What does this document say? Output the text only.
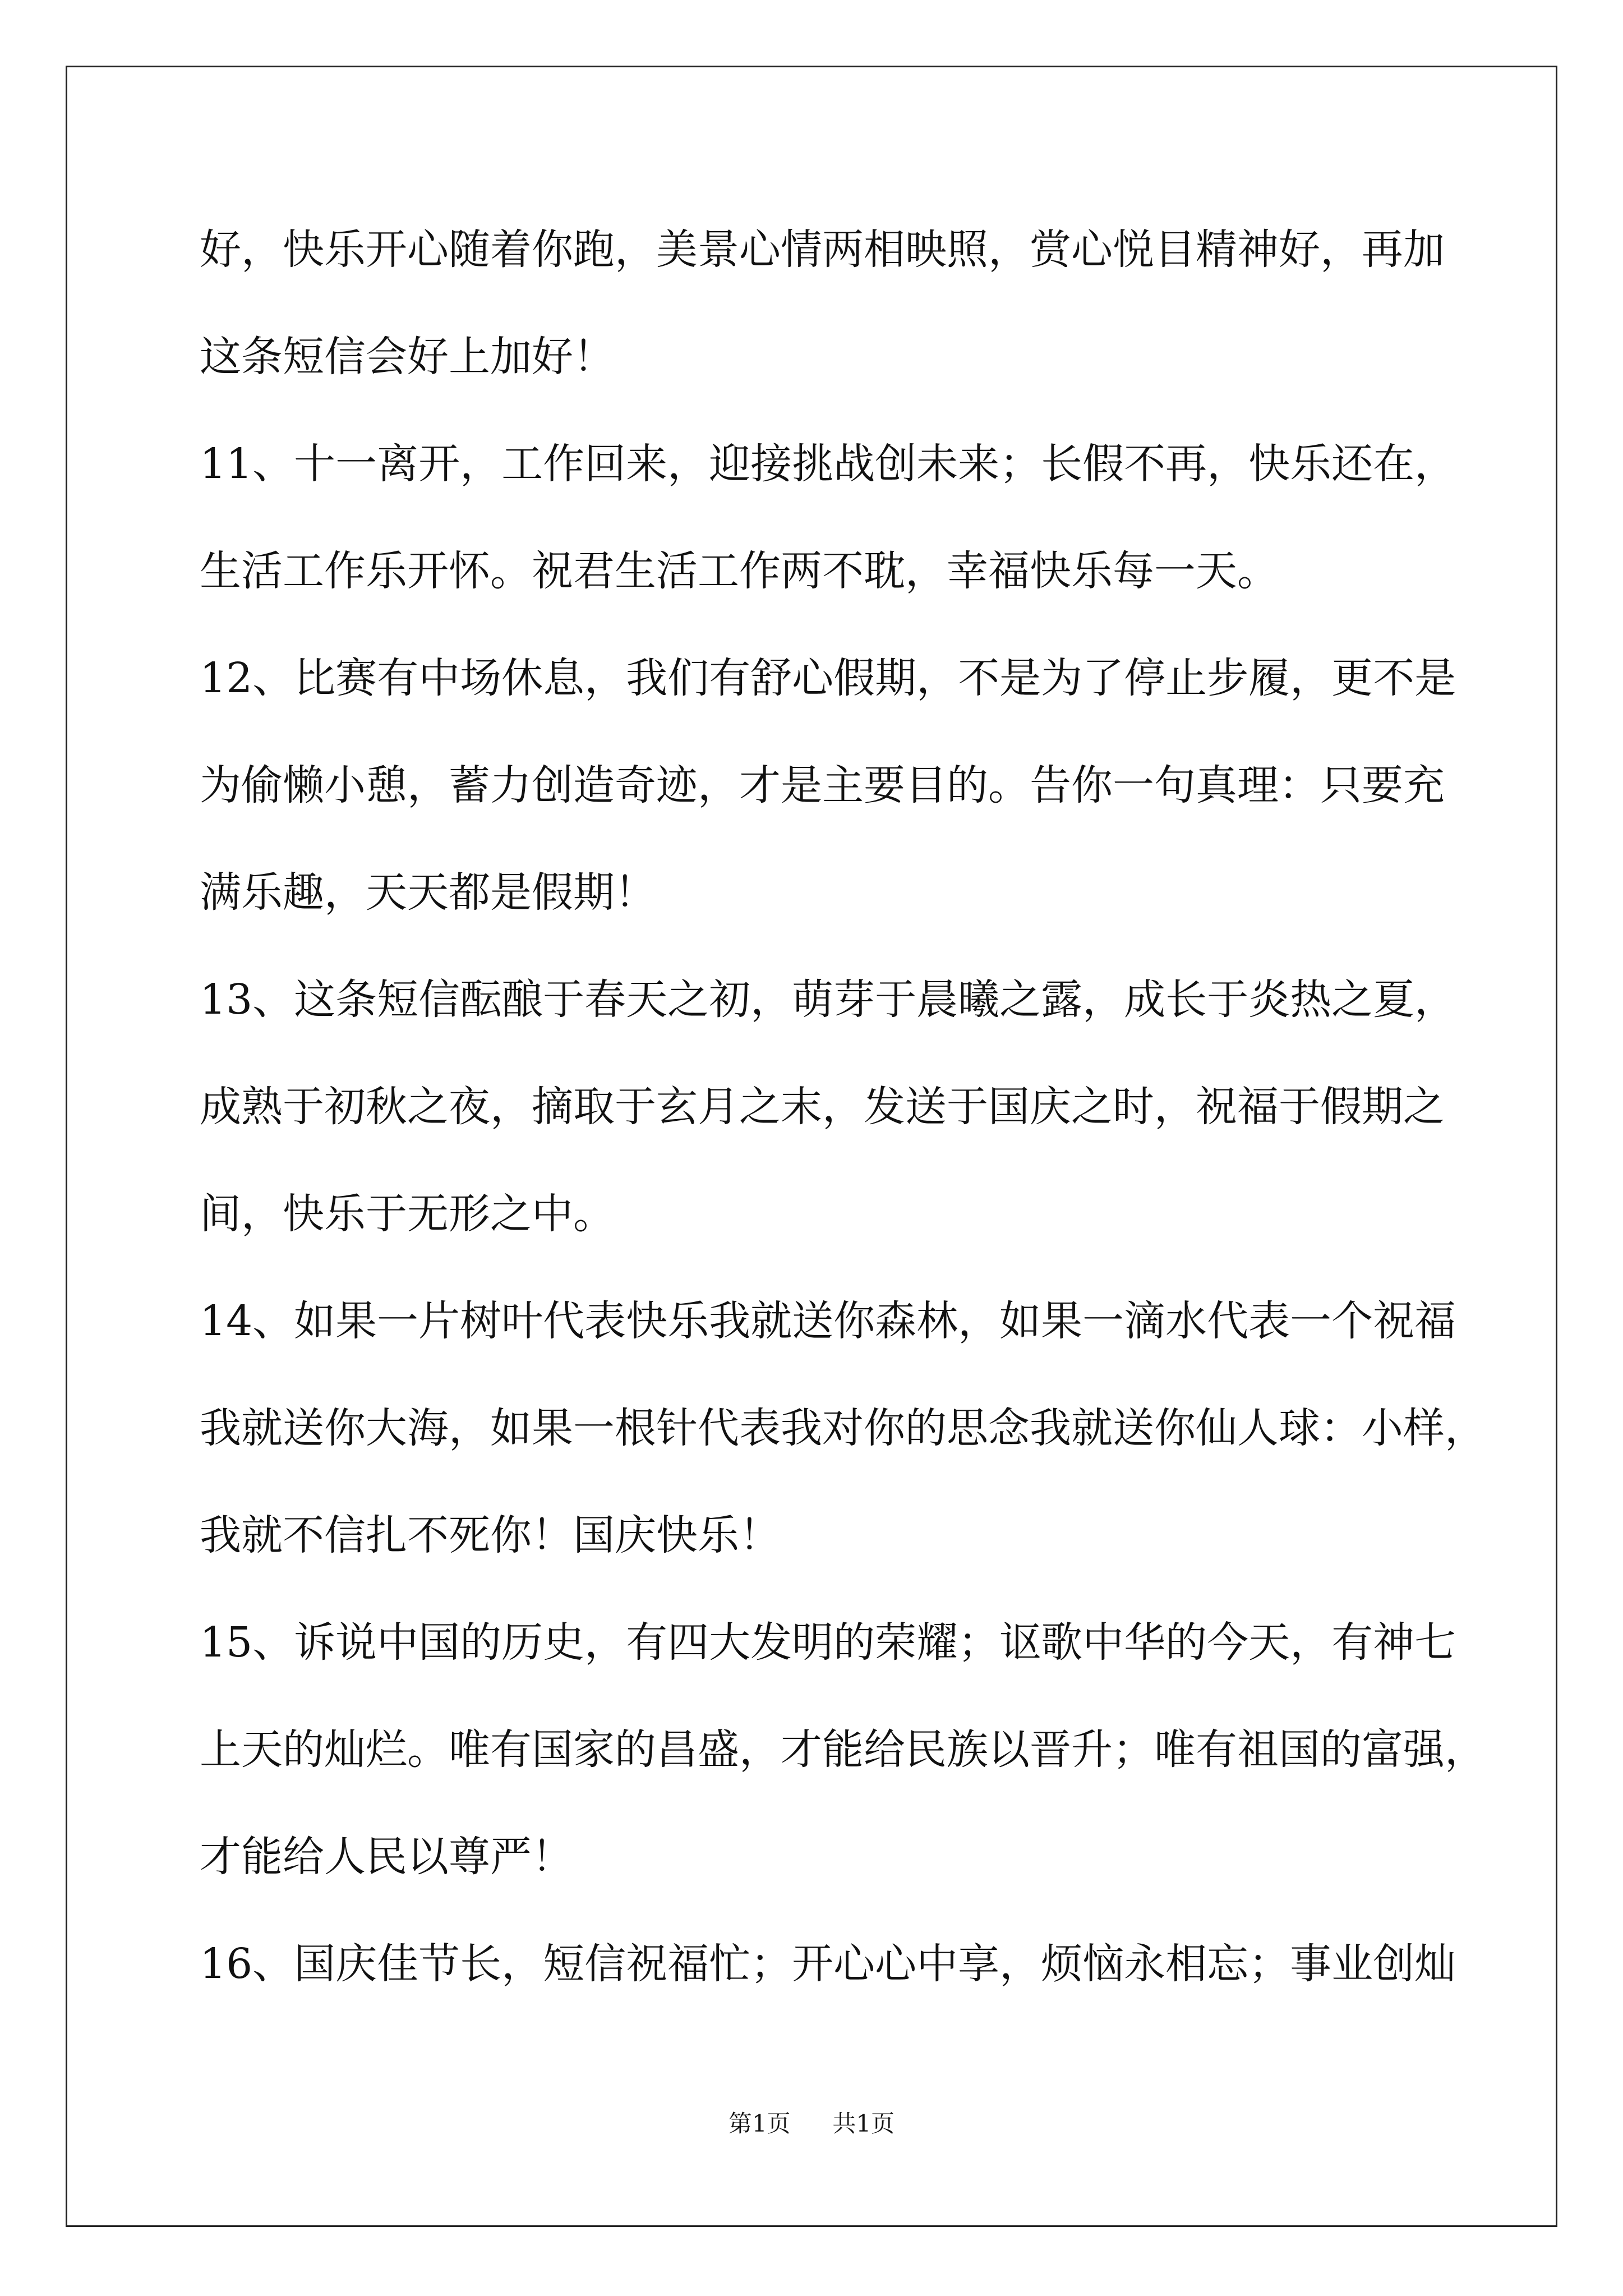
好，快乐开心随着你跑，美景心情两相映照，赏心悦目精神好，再加
这条短信会好上加好！
11、十一离开，工作回来，迎接挑战创未来；长假不再，快乐还在，
生活工作乐开怀。祝君生活工作两不耽，幸福快乐每一天。
12、比赛有中场休息，我们有舒心假期，不是为了停止步履，更不是
为偷懒小憩，蓄力创造奇迹，才是主要目的。告你一句真理：只要充
满乐趣，天天都是假期！
13、这条短信酝酿于春天之初，萌芽于晨曦之露，成长于炎热之夏，
成熟于初秋之夜，摘取于玄月之末，发送于国庆之时，祝福于假期之
间，快乐于无形之中。
14、如果一片树叶代表快乐我就送你森林，如果一滴水代表一个祝福
我就送你大海，如果一根针代表我对你的思念我就送你仙人球：小样，
我就不信扎不死你！国庆快乐！
15、诉说中国的历史，有四大发明的荣耀；讴歌中华的今天，有神七
上天的灿烂。唯有国家的昌盛，才能给民族以晋升；唯有祖国的富强，
才能给人民以尊严！
16、国庆佳节长，短信祝福忙；开心心中享，烦恼永相忘；事业创灿
第1页 共1页
